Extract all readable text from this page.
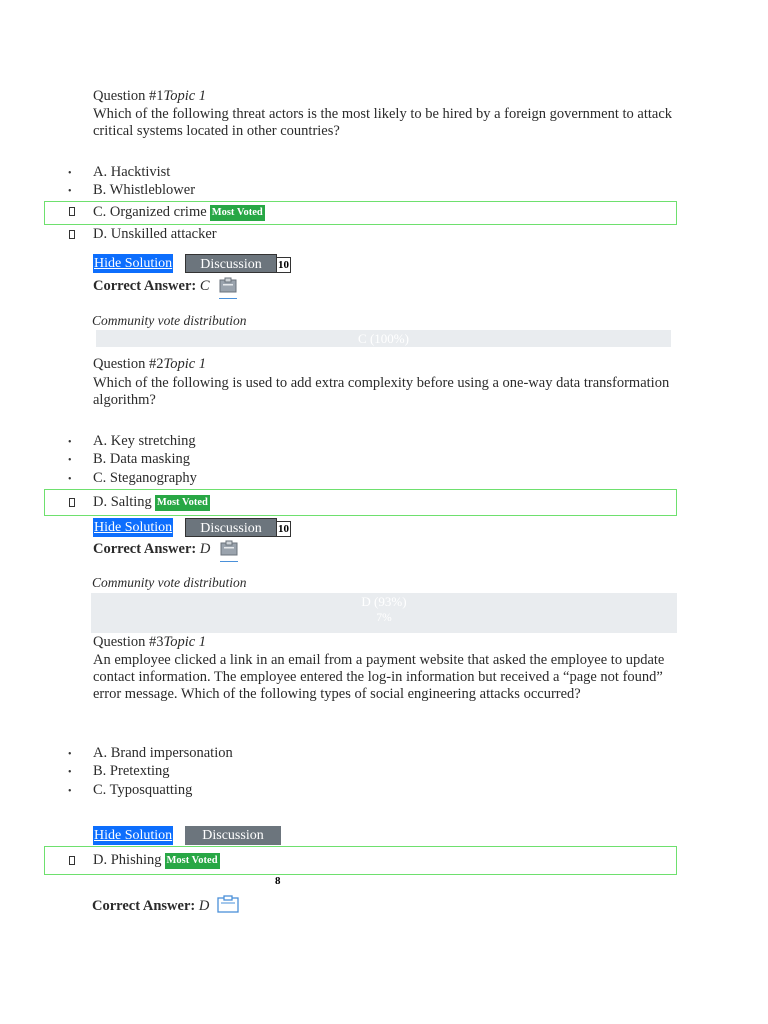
Question #1Topic 1
Which of the following threat actors is the most likely to be hired by a foreign government to attack critical systems located in other countries?
• A. Hacktivist
• B. Whistleblower
C. Organized crime Most Voted
D. Unskilled attacker
Hide Solution	Discussion	10
Correct Answer: C
Community vote distribution
C (100%)
Question #2Topic 1
Which of the following is used to add extra complexity before using a one-way data transformation algorithm?
• A. Key stretching
• B. Data masking
• C. Steganography
D. Salting Most Voted
Hide Solution	Discussion	10
Correct Answer: D
Community vote distribution
D (93%)
7%
Question #3Topic 1
An employee clicked a link in an email from a payment website that asked the employee to update contact information. The employee entered the log-in information but received a “page not found” error message. Which of the following types of social engineering attacks occurred?
• A. Brand impersonation
• B. Pretexting
• C. Typosquatting
Hide Solution	Discussion
D. Phishing Most Voted
8
Correct Answer: D
